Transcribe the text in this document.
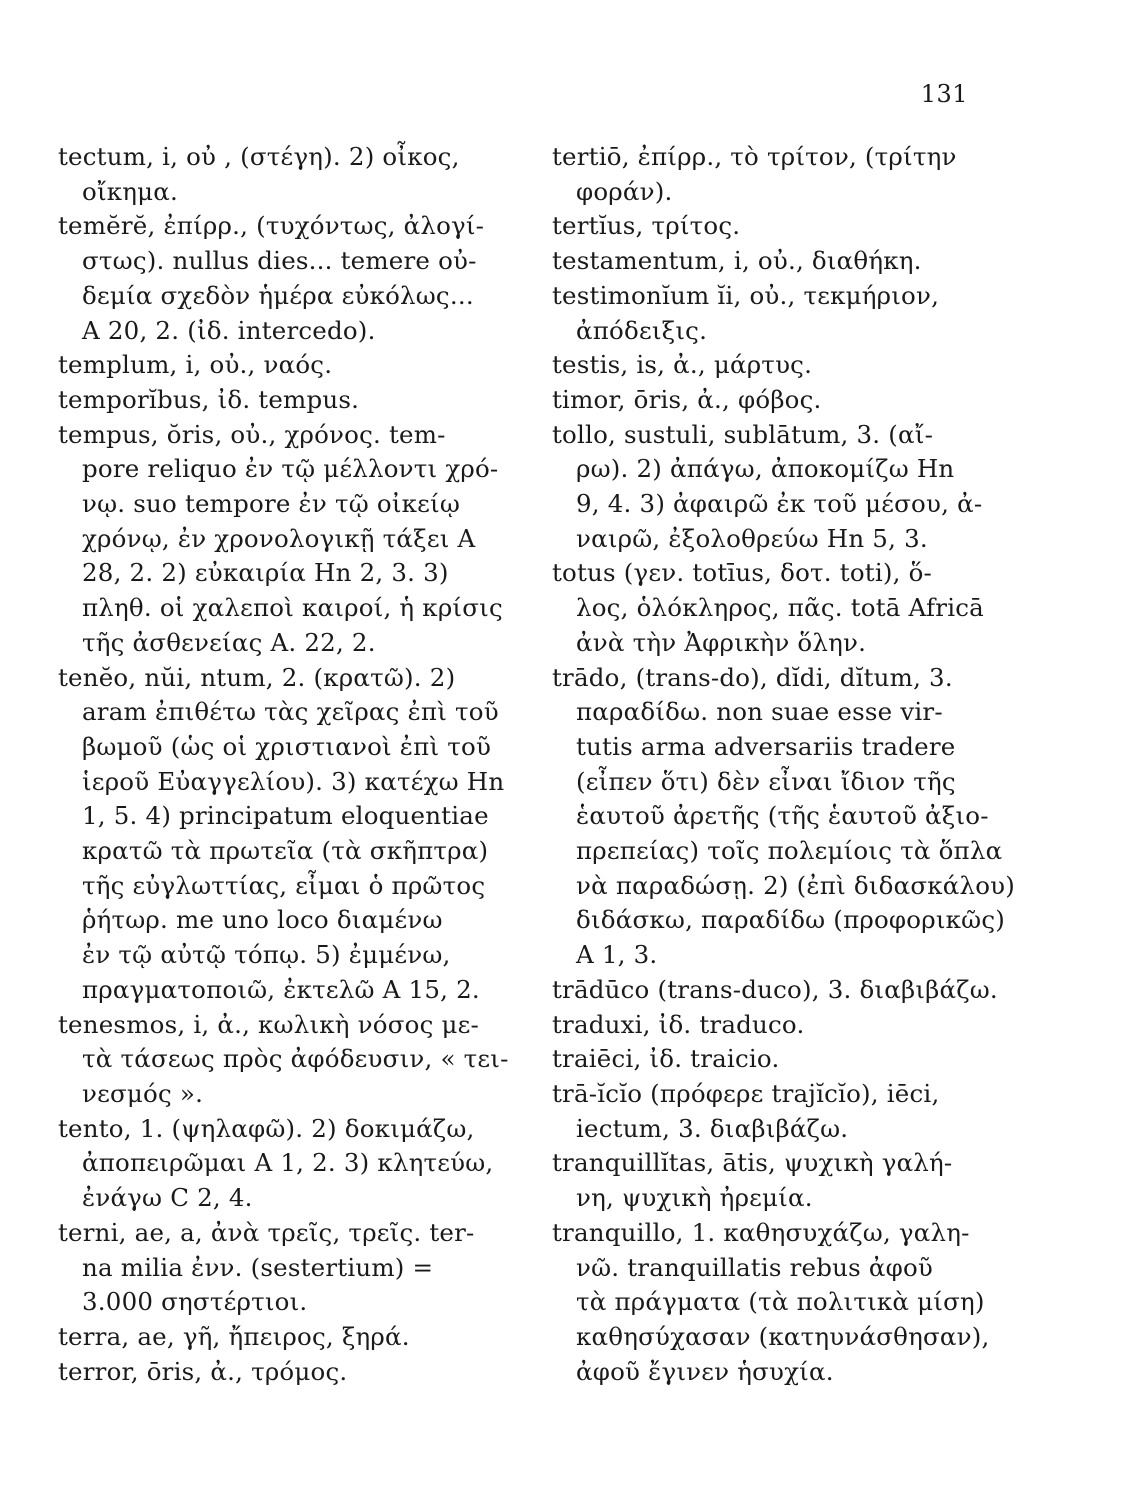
131
tectum, i, οὐ , (στέγη). 2) οἶκος,
οἴκημα.
temĕrĕ, ἐπίρρ., (τυχόντως, ἀλογί-
στως). nullus dies... temere οὐ-
δεμία σχεδὸν ἡμέρα εὐκόλως...
A 20, 2. (ἰδ. intercedo).
templum, i, οὐ., ναός.
temporĭbus, ἰδ. tempus.
tempus, ŏris, οὐ., χρόνος. tem-
pore reliquo ἐν τῷ μέλλοντι χρό-
νῳ. suo tempore ἐν τῷ οἰκείῳ
χρόνῳ, ἐν χρονολογικῇ τάξει A
28, 2. 2) εὐκαιρία Hn 2, 3. 3)
πληθ. οἱ χαλεποὶ καιροί, ἡ κρίσις
τῆς ἀσθενείας A. 22, 2.
tenĕo, nŭi, ntum, 2. (κρατῶ). 2)
aram ἐπιθέτω τὰς χεῖρας ἐπὶ τοῦ
βωμοῦ (ὡς οἱ χριστιανοὶ ἐπὶ τοῦ
ἱεροῦ Εὐαγγελίου). 3) κατέχω Hn
1, 5. 4) principatum eloquentiae
κρατῶ τὰ πρωτεῖα (τὰ σκῆπτρα)
τῆς εὐγλωττίας, εἶμαι ὁ πρῶτος
ῥήτωρ. me uno loco διαμένω
ἐν τῷ αὐτῷ τόπῳ. 5) ἐμμένω,
πραγματοποιῶ, ἐκτελῶ A 15, 2.
tenesmos, i, ἀ., κωλικὴ νόσος με-
τὰ τάσεως πρὸς ἀφόδευσιν, « τει-
νεσμός ».
tento, 1. (ψηλαφῶ). 2) δοκιμάζω,
ἀποπειρῶμαι A 1, 2. 3) κλητεύω,
ἐνάγω C 2, 4.
terni, ae, a, ἀνὰ τρεῖς, τρεῖς. ter-
na milia ἐνν. (sestertium) =
3.000 σηστέρτιοι.
terra, ae, γῆ, ἤπειρος, ξηρά.
terror, ōris, ἀ., τρόμος.
tertiō, ἐπίρρ., τὸ τρίτον, (τρίτην
φοράν).
tertĭus, τρίτος.
testamentum, i, οὐ., διαθήκη.
testimonĭum ĭi, οὐ., τεκμήριον,
ἀπόδειξις.
testis, is, ἀ., μάρτυς.
timor, ōris, ἀ., φόβος.
tollo, sustuli, sublātum, 3. (αἴ-
ρω). 2) ἀπάγω, ἀποκομίζω Hn
9, 4. 3) ἀφαιρῶ ἐκ τοῦ μέσου, ἀ-
ναιρῶ, ἐξολοθρεύω Hn 5, 3.
totus (γεν. totīus, δοτ. toti), ὅ-
λος, ὁλόκληρος, πᾶς. totā Africā
ἀνὰ τὴν Ἀφρικὴν ὅλην.
trādo, (trans-do), dĭdi, dĭtum, 3.
παραδίδω. non suae esse vir-
tutis arma adversariis tradere
(εἶπεν ὅτι) δὲν εἶναι ἴδιον τῆς
ἑαυτοῦ ἀρετῆς (τῆς ἑαυτοῦ ἀξιο-
πρεπείας) τοῖς πολεμίοις τὰ ὅπλα
νὰ παραδώσῃ. 2) (ἐπὶ διδασκάλου)
διδάσκω, παραδίδω (προφορικῶς)
A 1, 3.
trādūco (trans-duco), 3. διαβιβάζω.
traduxi, ἰδ. traduco.
traiēci, ἰδ. traicio.
trā-ĭcĭo (πρόφερε trajĭcĭo), iēci,
iectum, 3. διαβιβάζω.
tranquillĭtas, ātis, ψυχικὴ γαλή-
νη, ψυχικὴ ἠρεμία.
tranquillo, 1. καθησυχάζω, γαλη-
νῶ. tranquillatis rebus ἀφοῦ
τὰ πράγματα (τὰ πολιτικὰ μίση)
καθησύχασαν (κατηυνάσθησαν),
ἀφοῦ ἔγινεν ἡσυχία.
